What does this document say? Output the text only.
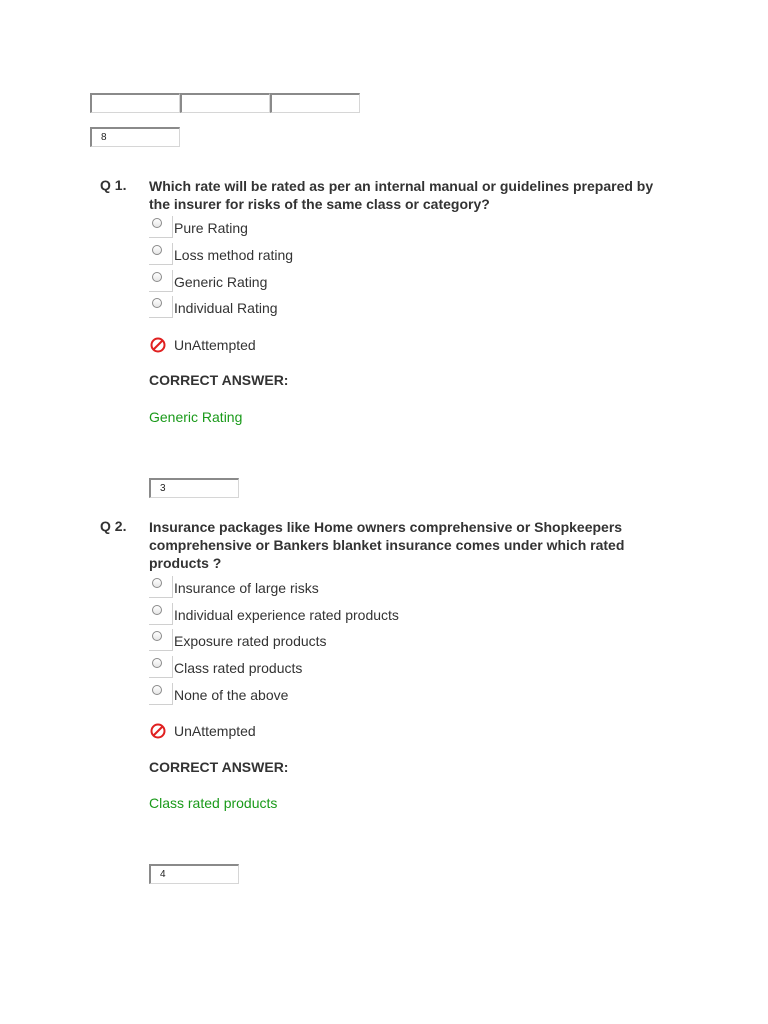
8
Q 1. Which rate will be rated as per an internal manual or guidelines prepared by the insurer for risks of the same class or category?
Pure Rating
Loss method rating
Generic Rating
Individual Rating
UnAttempted
CORRECT ANSWER:
Generic Rating
3
Q 2. Insurance packages like Home owners comprehensive or Shopkeepers comprehensive or Bankers blanket insurance comes under which rated products ?
Insurance of large risks
Individual experience rated products
Exposure rated products
Class rated products
None of the above
UnAttempted
CORRECT ANSWER:
Class rated products
4
